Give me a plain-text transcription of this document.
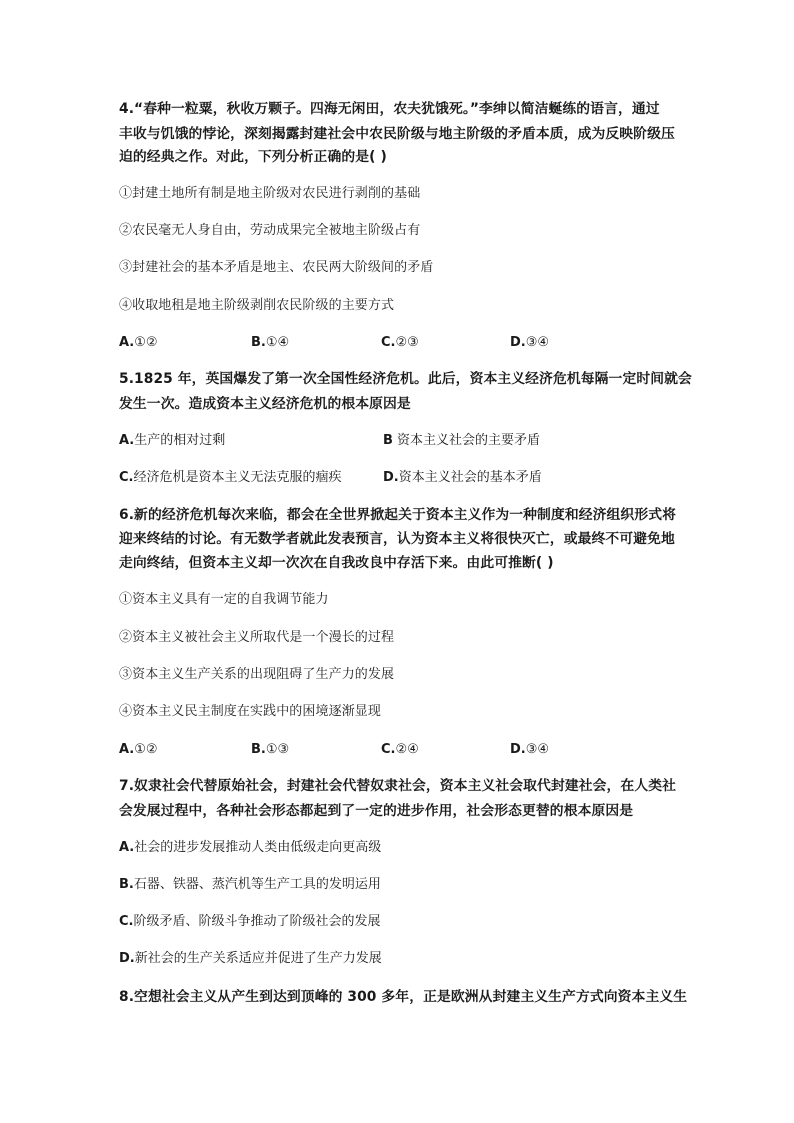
4.“春种一粒粟，秋收万颗子。四海无闲田，农夫犹饿死。”李绅以简洁蜒练的语言，通过
丰收与饥饿的悖论，深刻揭露封建社会中农民阶级与地主阶级的矛盾本质，成为反映阶级压
迫的经典之作。对此，下列分析正确的是( )
①封建土地所有制是地主阶级对农民进行剥削的基础
②农民毫无人身自由，劳动成果完全被地主阶级占有
③封建社会的基本矛盾是地主、农民两大阶级间的矛盾
④收取地租是地主阶级剥削农民阶级的主要方式
A.①②	B.①④	C.②③	D.③④
5.1825 年，英国爆发了第一次全国性经济危机。此后，资本主义经济危机每隔一定时间就会
发生一次。造成资本主义经济危机的根本原因是
A.生产的相对过剩	B 资本主义社会的主要矛盾
C.经济危机是资本主义无法克服的痼疾	D.资本主义社会的基本矛盾
6.新的经济危机每次来临，都会在全世界掀起关于资本主义作为一种制度和经济组织形式将
迎来终结的讨论。有无数学者就此发表预言，认为资本主义将很快灭亡，或最终不可避免地
走向终结，但资本主义却一次次在自我改良中存活下来。由此可推断( )
①资本主义具有一定的自我调节能力
②资本主义被社会主义所取代是一个漫长的过程
③资本主义生产关系的出现阻碍了生产力的发展
④资本主义民主制度在实践中的困境逐渐显现
A.①②	B.①③	C.②④	D.③④
7.奴隶社会代替原始社会，封建社会代替奴隶社会，资本主义社会取代封建社会，在人类社
会发展过程中，各种社会形态都起到了一定的进步作用，社会形态更替的根本原因是
A.社会的进步发展推动人类由低级走向更高级
B.石器、铁器、蒸汽机等生产工具的发明运用
C.阶级矛盾、阶级斗争推动了阶级社会的发展
D.新社会的生产关系适应并促进了生产力发展
8.空想社会主义从产生到达到顶峰的 300 多年，正是欧洲从封建主义生产方式向资本主义生
